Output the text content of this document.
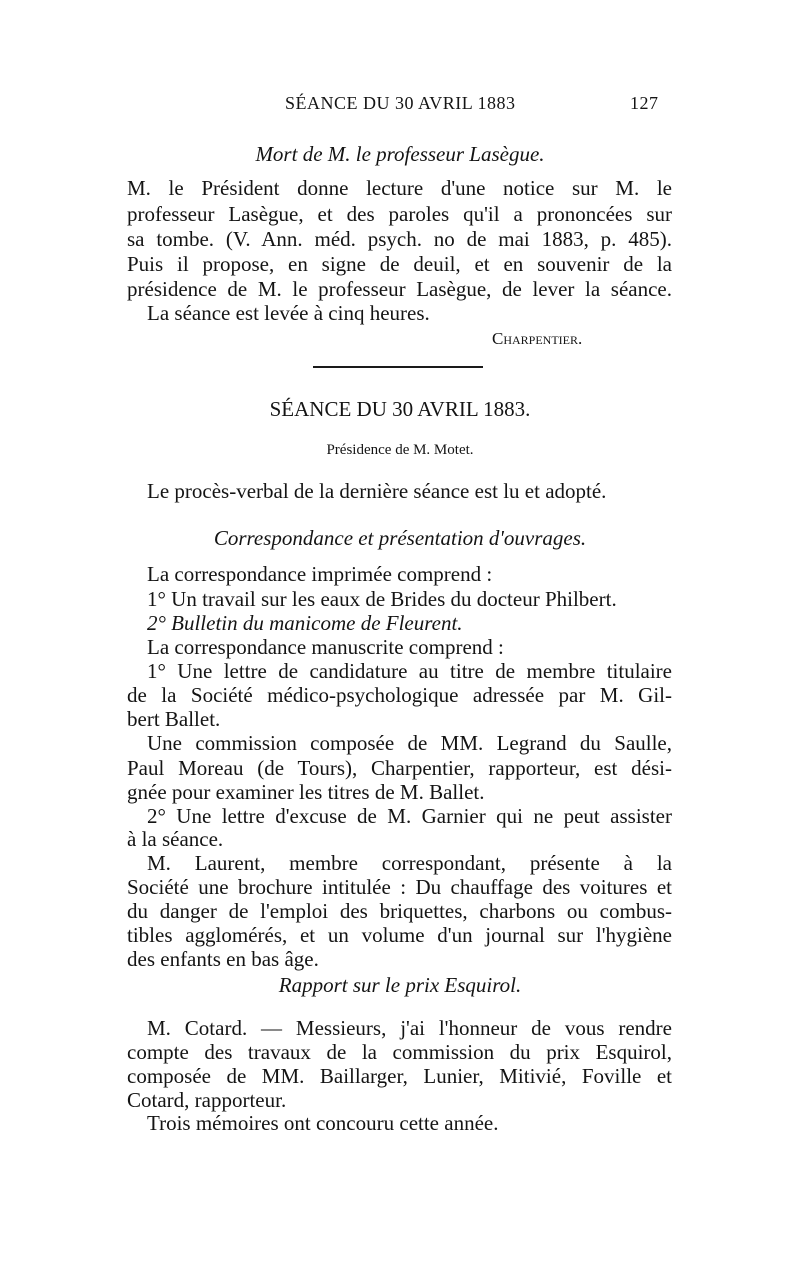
SÉANCE DU 30 AVRIL 1883	127
Mort de M. le professeur Lasègue.
M. le Président donne lecture d'une notice sur M. le
professeur Lasègue, et des paroles qu'il a prononcées sur
sa tombe. (V. Ann. méd. psych. no de mai 1883, p. 485).
Puis il propose, en signe de deuil, et en souvenir de la
présidence de M. le professeur Lasègue, de lever la séance.
La séance est levée à cinq heures.
Charpentier.
SÉANCE DU 30 AVRIL 1883.
Présidence de M. Motet.
Le procès-verbal de la dernière séance est lu et adopté.
Correspondance et présentation d'ouvrages.
La correspondance imprimée comprend :
1° Un travail sur les eaux de Brides du docteur Philbert.
2° Bulletin du manicome de Fleurent.
La correspondance manuscrite comprend :
1° Une lettre de candidature au titre de membre titulaire
de la Société médico-psychologique adressée par M. Gil-
bert Ballet.
Une commission composée de MM. Legrand du Saulle,
Paul Moreau (de Tours), Charpentier, rapporteur, est dési-
gnée pour examiner les titres de M. Ballet.
2° Une lettre d'excuse de M. Garnier qui ne peut assister
à la séance.
M. Laurent, membre correspondant, présente à la
Société une brochure intitulée : Du chauffage des voitures et
du danger de l'emploi des briquettes, charbons ou combus-
tibles agglomérés, et un volume d'un journal sur l'hygiène
des enfants en bas âge.
Rapport sur le prix Esquirol.
M. Cotard. — Messieurs, j'ai l'honneur de vous rendre
compte des travaux de la commission du prix Esquirol,
composée de MM. Baillarger, Lunier, Mitivié, Foville et
Cotard, rapporteur.
Trois mémoires ont concouru cette année.
